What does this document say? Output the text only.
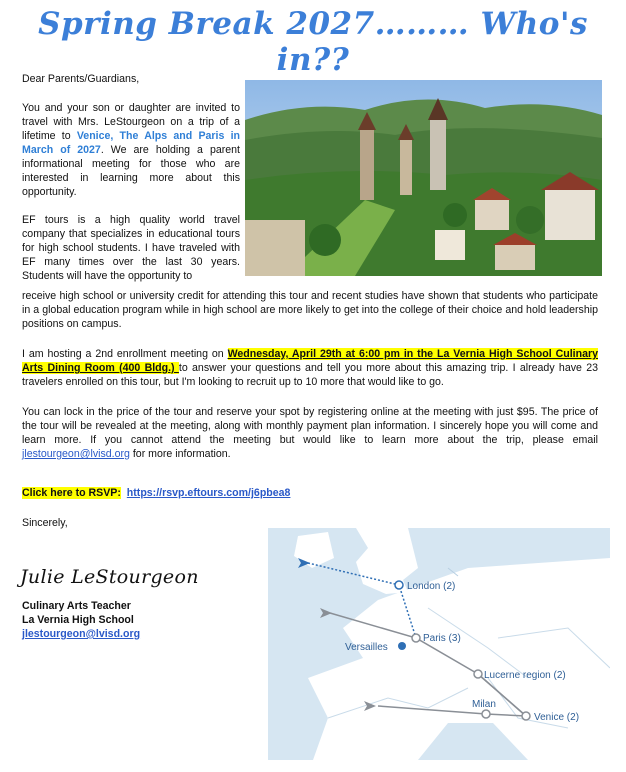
Spring Break 2027……… Who's in??
Dear Parents/Guardians,
You and your son or daughter are invited to travel with Mrs. LeStourgeon on a trip of a lifetime to Venice, The Alps and Paris in March of 2027. We are holding a parent informational meeting for those who are interested in learning more about this opportunity.
EF tours is a high quality world travel company that specializes in educational tours for high school students. I have traveled with EF many times over the last 30 years. Students will have the opportunity to
receive high school or university credit for attending this tour and recent studies have shown that students who participate in a global education program while in high school are more likely to get into the college of their choice and hold leadership positions on campus.
I am hosting a 2nd enrollment meeting on Wednesday, April 29th at 6:00 pm in the La Vernia High School Culinary Arts Dining Room (400 Bldg.) to answer your questions and tell you more about this amazing trip. I already have 23 travelers enrolled on this tour, but I'm looking to recruit up to 10 more that would like to go.
You can lock in the price of the tour and reserve your spot by registering online at the meeting with just $95. The price of the tour will be revealed at the meeting, along with monthly payment plan information. I sincerely hope you will come and learn more. If you cannot attend the meeting but would like to learn more about the trip, please email jlestourgeon@lvisd.org for more information.
Click here to RSVP: https://rsvp.eftours.com/j6pbea8
Sincerely,
Julie LeStourgeon
Culinary Arts Teacher
La Vernia High School
jlestourgeon@lvisd.org
London (2)
Paris (3)
Versailles
Lucerne region (2)
Milan
Venice (2)
